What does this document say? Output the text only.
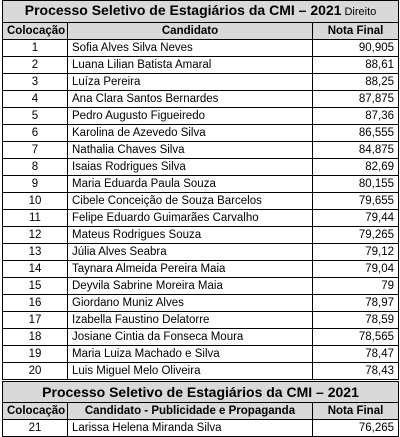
Processo Seletivo de Estagiários da CMI – 2021 Direito		
Colocação	Candidato	Nota Final
1	Sofia Alves Silva Neves	90,905
2	Luana Lilian Batista Amaral	88,61
3	Luíza Pereira	88,25
4	Ana Clara Santos Bernardes	87,875
5	Pedro Augusto Figueiredo	87,36
6	Karolina de Azevedo Silva	86,555
7	Nathalia Chaves Silva	84,875
8	Isaias Rodrigues Silva	82,69
9	Maria Eduarda Paula Souza	80,155
10	Cibele Conceição de Souza Barcelos	79,655
11	Felipe Eduardo Guimarães Carvalho	79,44
12	Mateus Rodrigues Souza	79,265
13	Júlia Alves Seabra	79,12
14	Taynara Almeida Pereira Maia	79,04
15	Deyvila Sabrine Moreira Maia	79
16	Giordano Muniz Alves	78,97
17	Izabella Faustino Delatorre	78,59
18	Josiane Cintia da Fonseca Moura	78,565
19	Maria Luiza Machado e Silva	78,47
20	Luis Miguel Melo Oliveira	78,43
Processo Seletivo de Estagiários da CMI – 2021		
Colocação	Candidato - Publicidade e Propaganda	Nota Final
21	Larissa Helena Miranda Silva	76,265
